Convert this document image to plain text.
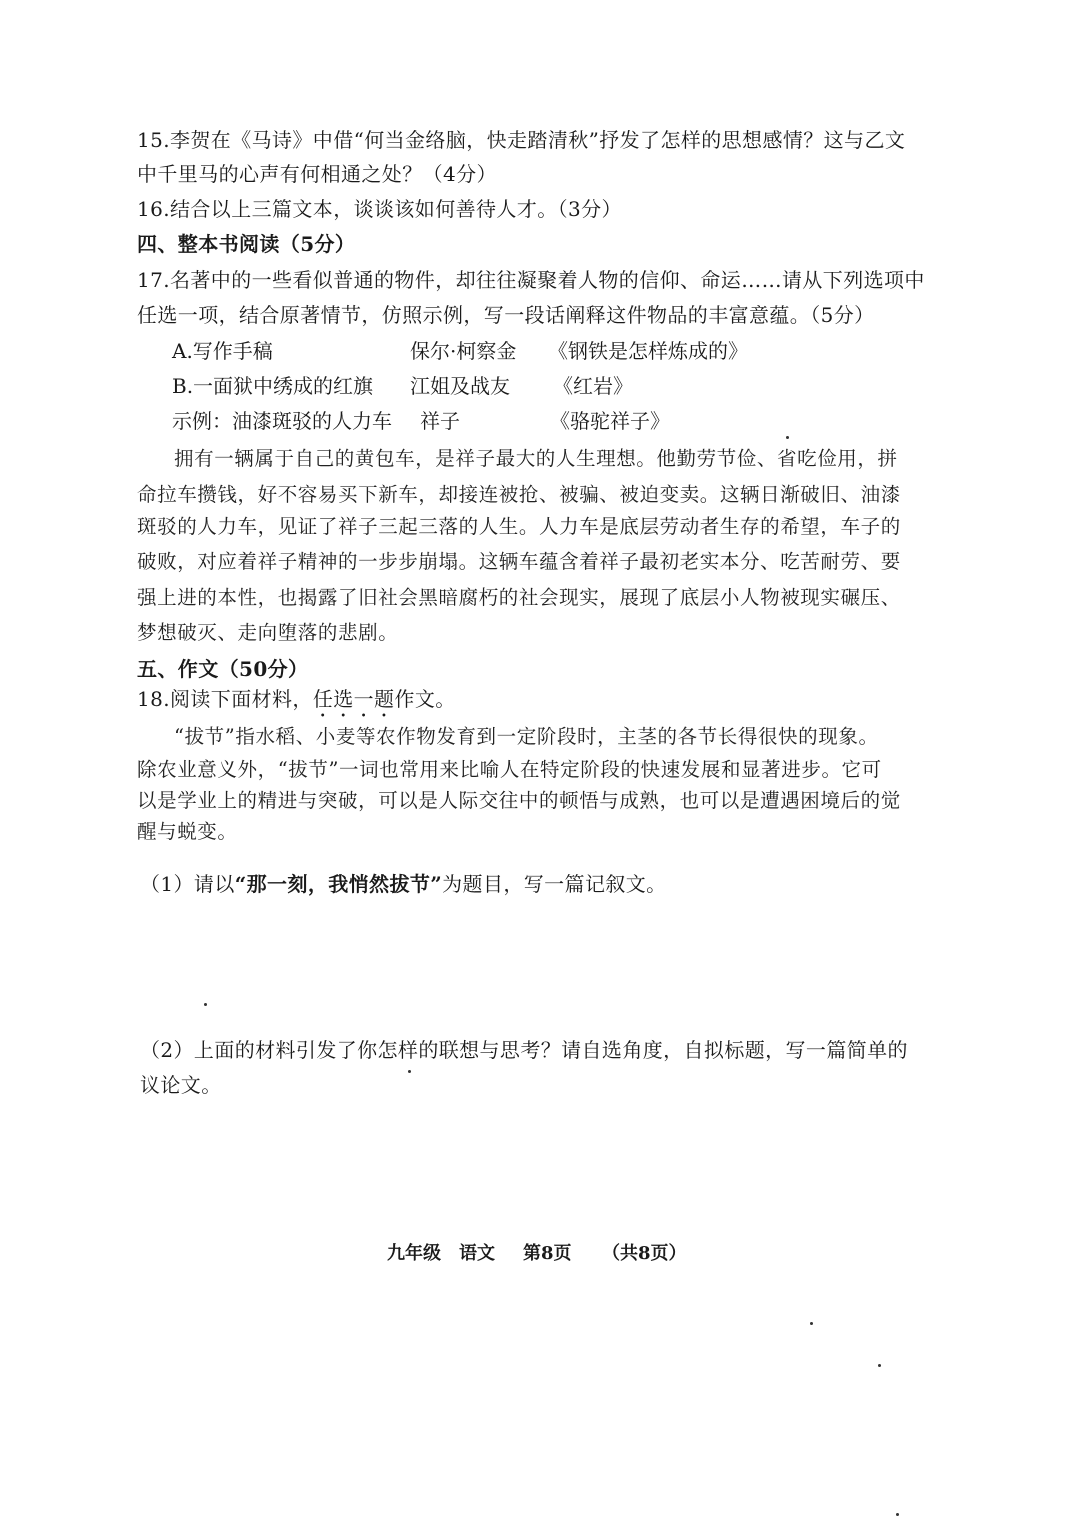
15.李贺在《马诗》中借“何当金络脑，快走踏清秋”抒发了怎样的思想感情？这与乙文
中千里马的心声有何相通之处？（4分）
16.结合以上三篇文本，谈谈该如何善待人才。（3分）
四、整本书阅读（5分）
17.名著中的一些看似普通的物件，却往往凝聚着人物的信仰、命运……请从下列选项中
任选一项，结合原著情节，仿照示例，写一段话阐释这件物品的丰富意蕴。（5分）
A.写作手稿	保尔·柯察金 《钢铁是怎样炼成的》
B.一面狱中绣成的红旗 江姐及战友 《红岩》
示例：油漆斑驳的人力车 祥子	《骆驼祥子》
拥有一辆属于自己的黄包车，是祥子最大的人生理想。他勤劳节俭、省吃俭用，拼
命拉车攒钱，好不容易买下新车，却接连被抢、被骗、被迫变卖。这辆日渐破旧、油漆
斑驳的人力车，见证了祥子三起三落的人生。人力车是底层劳动者生存的希望，车子的
破败，对应着祥子精神的一步步崩塌。这辆车蕴含着祥子最初老实本分、吃苦耐劳、要
强上进的本性，也揭露了旧社会黑暗腐朽的社会现实，展现了底层小人物被现实碾压、
梦想破灭、走向堕落的悲剧。
五、作文（50分）
18.阅读下面材料，任选一题作文。
“拔节”指水稻、小麦等农作物发育到一定阶段时，主茎的各节长得很快的现象。
除农业意义外，“拔节”一词也常用来比喻人在特定阶段的快速发展和显著进步。它可
以是学业上的精进与突破，可以是人际交往中的顿悟与成熟，也可以是遭遇困境后的觉
醒与蜕变。
（1）请以“那一刻，我悄然拔节”为题目，写一篇记叙文。
（2）上面的材料引发了你怎样的联想与思考？请自选角度，自拟标题，写一篇简单的
议论文。
九年级 语文 第8页 （共8页）
